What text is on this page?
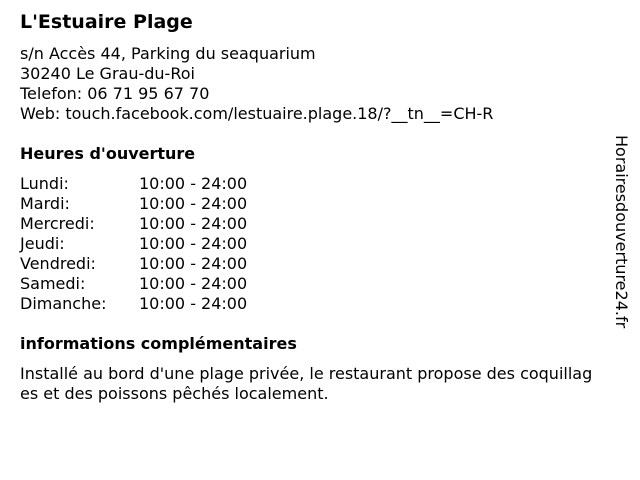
L'Estuaire Plage
s/n Accès 44, Parking du seaquarium
30240 Le Grau-du-Roi
Telefon: 06 71 95 67 70
Web: touch.facebook.com/lestuaire.plage.18/?__tn__=CH-R
Heures d'ouverture
Lundi:	10:00 - 24:00
Mardi:	10:00 - 24:00
Mercredi:	10:00 - 24:00
Jeudi:	10:00 - 24:00
Vendredi:	10:00 - 24:00
Samedi:	10:00 - 24:00
Dimanche: 10:00 - 24:00
informations complémentaires
Installé au bord d'une plage privée, le restaurant propose des coquillages et des poissons pêchés localement.
Horairesdouverture24.fr
